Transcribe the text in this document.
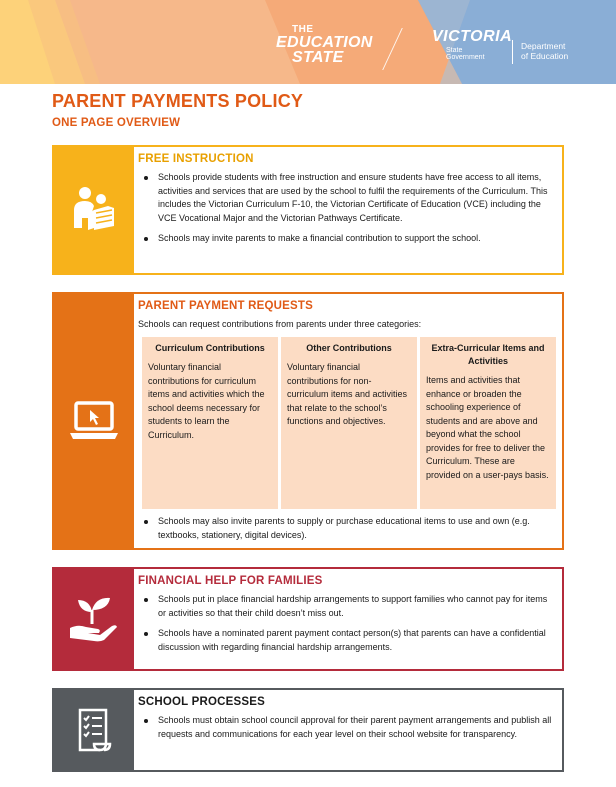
THE
EDUCATION
STATE
VICTORIA
State
Government
Department
of Education
PARENT PAYMENTS POLICY
ONE PAGE OVERVIEW
FREE INSTRUCTION
Schools provide students with free instruction and ensure students have free access to all items, activities and services that are used by the school to fulfil the requirements of the Curriculum. This includes the Victorian Curriculum F-10, the Victorian Certificate of Education (VCE) including the VCE Vocational Major and the Victorian Pathways Certificate.
Schools may invite parents to make a financial contribution to support the school.
PARENT PAYMENT REQUESTS

Schools can request contributions from parents under three categories:

Curriculum Contributions
Voluntary financial contributions for curriculum items and activities which the school deems necessary for students to learn the Curriculum.
Other Contributions
Voluntary financial contributions for non-curriculum items and activities that relate to the school’s functions and objectives.
Extra-Curricular Items and Activities
Items and activities that enhance or broaden the schooling experience of students and are above and beyond what the school provides for free to deliver the Curriculum. These are provided on a user-pays basis.
Schools may also invite parents to supply or purchase educational items to use and own (e.g. textbooks, stationery, digital devices).
FINANCIAL HELP FOR FAMILIES
Schools put in place financial hardship arrangements to support families who cannot pay for items or activities so that their child doesn’t miss out.
Schools have a nominated parent payment contact person(s) that parents can have a confidential discussion with regarding financial hardship arrangements.
SCHOOL PROCESSES
Schools must obtain school council approval for their parent payment arrangements and publish all requests and communications for each year level on their school website for transparency.
